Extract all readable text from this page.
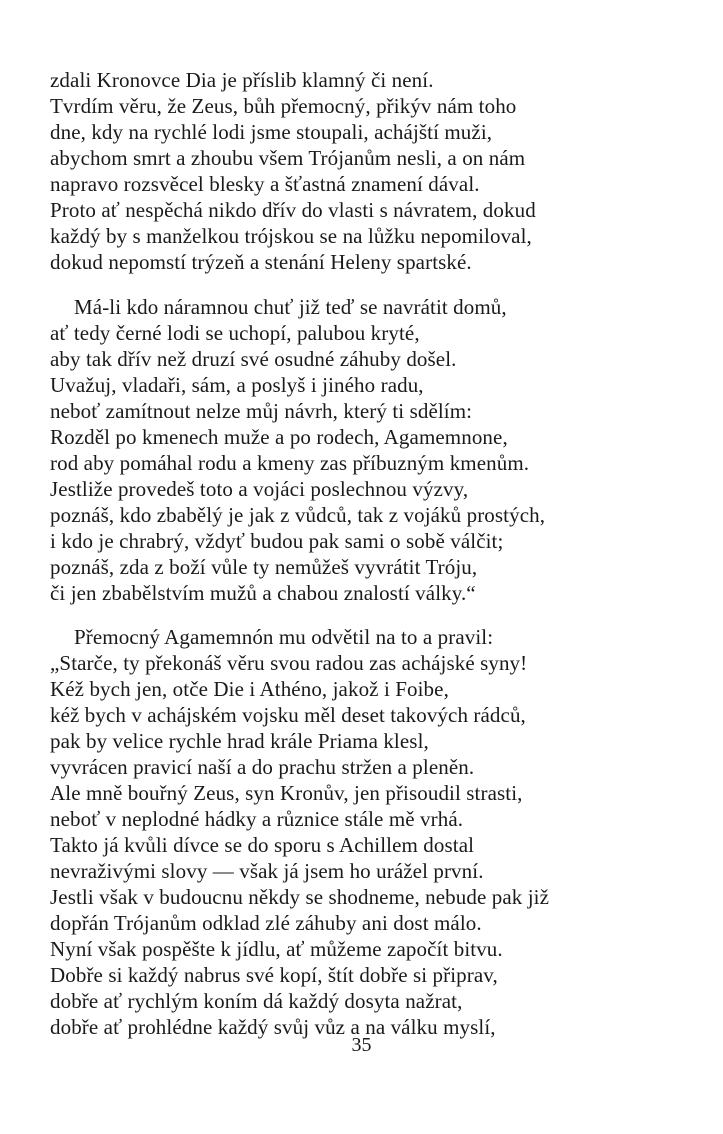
zdali Kronovce Dia je příslib klamný či není.
Tvrdím věru, že Zeus, bůh přemocný, přikýv nám toho
dne, kdy na rychlé lodi jsme stoupali, achájští muži,
abychom smrt a zhoubu všem Trójanům nesli, a on nám
napravo rozsvěcel blesky a šťastná znamení dával.
Proto ať nespěchá nikdo dřív do vlasti s návratem, dokud
každý by s manželkou trójskou se na lůžku nepomiloval,
dokud nepomstí trýzeň a stenání Heleny spartské.
Má-li kdo náramnou chuť již teď se navrátit domů,
ať tedy černé lodi se uchopí, palubou kryté,
aby tak dřív než druzí své osudné záhuby došel.
Uvažuj, vladaři, sám, a poslyš i jiného radu,
neboť zamítnout nelze můj návrh, který ti sdělím:
Rozděl po kmenech muže a po rodech, Agamemnone,
rod aby pomáhal rodu a kmeny zas příbuzným kmenům.
Jestliže provedeš toto a vojáci poslechnou výzvy,
poznáš, kdo zbabělý je jak z vůdců, tak z vojáků prostých,
i kdo je chrabrý, vždyť budou pak sami o sobě válčit;
poznáš, zda z boží vůle ty nemůžeš vyvrátit Tróju,
či jen zbabělstvím mužů a chabou znalostí války.“
Přemocný Agamemnón mu odvětil na to a pravil:
„Starče, ty překonáš věru svou radou zas achájské syny!
Kéž bych jen, otče Die i Athéno, jakož i Foibe,
kéž bych v achájském vojsku měl deset takových rádců,
pak by velice rychle hrad krále Priama klesl,
vyvrácen pravicí naší a do prachu stržen a pleněn.
Ale mně bouřný Zeus, syn Kronův, jen přisoudil strasti,
neboť v neplodné hádky a různice stále mě vrhá.
Takto já kvůli dívce se do sporu s Achillem dostal
nevraživými slovy — však já jsem ho urážel první.
Jestli však v budoucnu někdy se shodneme, nebude pak již
dopřán Trójanům odklad zlé záhuby ani dost málo.
Nyní však pospěšte k jídlu, ať můžeme započít bitvu.
Dobře si každý nabrus své kopí, štít dobře si připrav,
dobře ať rychlým koním dá každý dosyta nažrat,
dobře ať prohlédne každý svůj vůz a na válku myslí,
35
